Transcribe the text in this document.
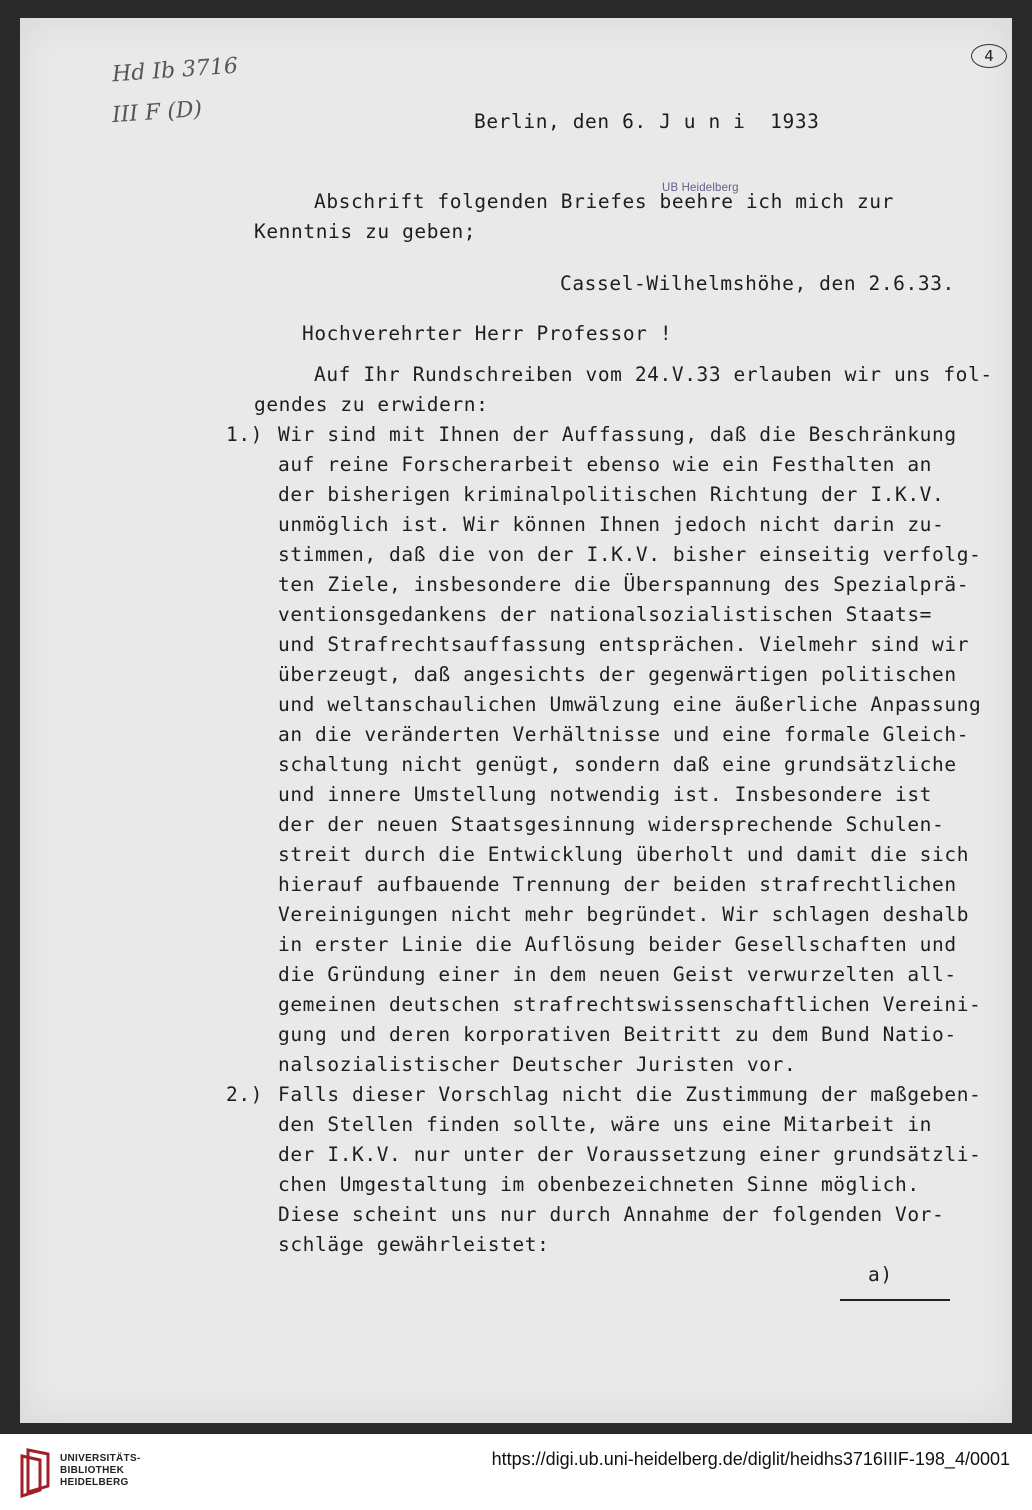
Hd Ib 3716
III F (D)
4
UB Heidelberg
Berlin, den 6. J u n i  1933
Abschrift folgenden Briefes beehre ich mich zur
Kenntnis zu geben;
Cassel-Wilhelmshöhe, den 2.6.33.
Hochverehrter Herr Professor !
Auf Ihr Rundschreiben vom 24.V.33 erlauben wir uns fol-
gendes zu erwidern:
1.) Wir sind mit Ihnen der Auffassung, daß die Beschränkung
auf reine Forscherarbeit ebenso wie ein Festhalten an
der bisherigen kriminalpolitischen Richtung der I.K.V.
unmöglich ist. Wir können Ihnen jedoch nicht darin zu-
stimmen, daß die von der I.K.V. bisher einseitig verfolg-
ten Ziele, insbesondere die Überspannung des Spezialprä-
ventionsgedankens der nationalsozialistischen Staats=
und Strafrechtsauffassung entsprächen. Vielmehr sind wir
überzeugt, daß angesichts der gegenwärtigen politischen
und weltanschaulichen Umwälzung eine äußerliche Anpassung
an die veränderten Verhältnisse und eine formale Gleich-
schaltung nicht genügt, sondern daß eine grundsätzliche
und innere Umstellung notwendig ist. Insbesondere ist
der der neuen Staatsgesinnung widersprechende Schulen-
streit durch die Entwicklung überholt und damit die sich
hierauf aufbauende Trennung der beiden strafrechtlichen
Vereinigungen nicht mehr begründet. Wir schlagen deshalb
in erster Linie die Auflösung beider Gesellschaften und
die Gründung einer in dem neuen Geist verwurzelten all-
gemeinen deutschen strafrechtswissenschaftlichen Vereini-
gung und deren korporativen Beitritt zu dem Bund Natio-
nalsozialistischer Deutscher Juristen vor.
2.) Falls dieser Vorschlag nicht die Zustimmung der maßgeben-
den Stellen finden sollte, wäre uns eine Mitarbeit in
der I.K.V. nur unter der Voraussetzung einer grundsätzli-
chen Umgestaltung im obenbezeichneten Sinne möglich.
Diese scheint uns nur durch Annahme der folgenden Vor-
schläge gewährleistet:
a)
UNIVERSITÄTS-
BIBLIOTHEK
HEIDELBERG
https://digi.ub.uni-heidelberg.de/diglit/heidhs3716IIIF-198_4/0001
